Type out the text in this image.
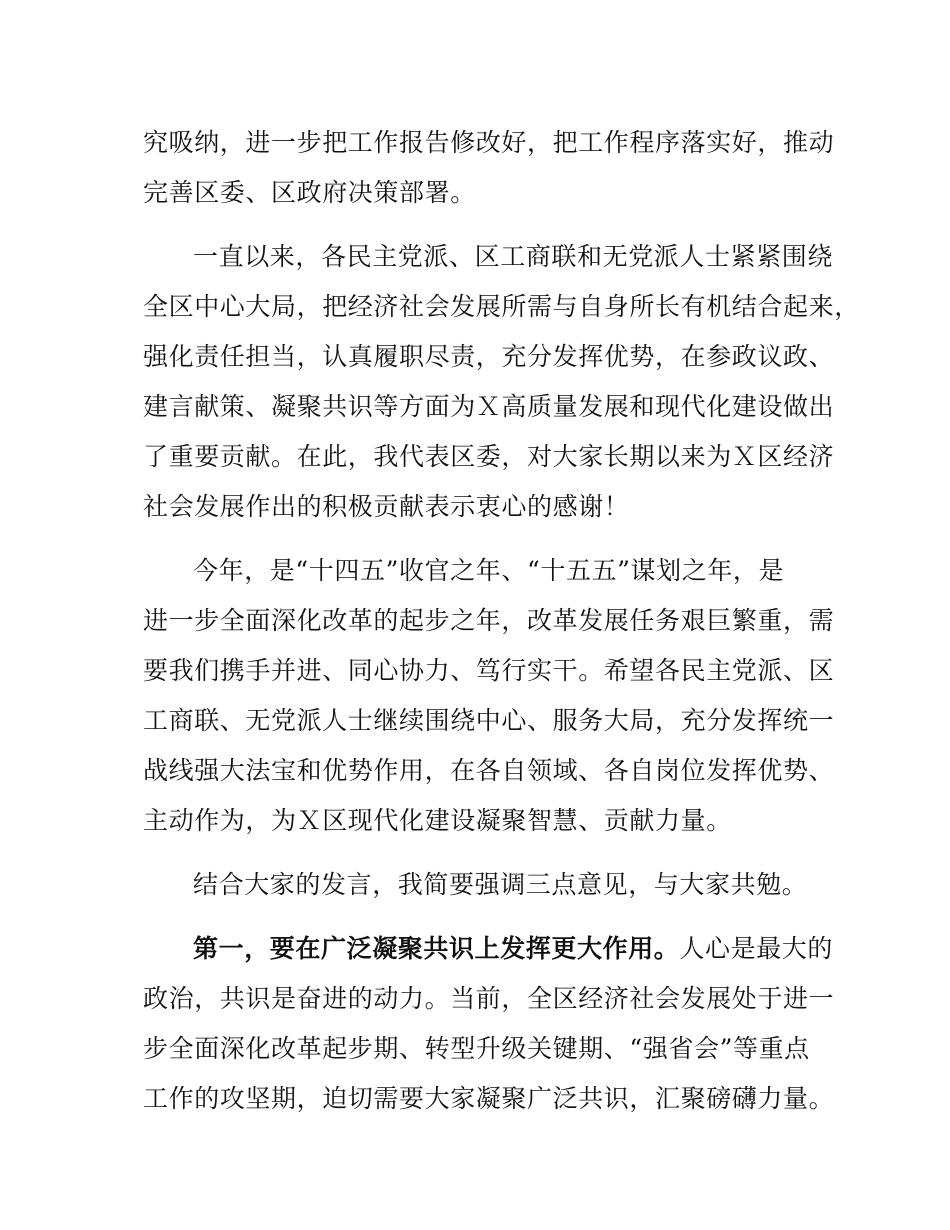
究吸纳，进一步把工作报告修改好，把工作程序落实好，推动
完善区委、区政府决策部署。
一直以来，各民主党派、区工商联和无党派人士紧紧围绕
全区中心大局，把经济社会发展所需与自身所长有机结合起来，
强化责任担当，认真履职尽责，充分发挥优势，在参政议政、
建言献策、凝聚共识等方面为Ｘ高质量发展和现代化建设做出
了重要贡献。在此，我代表区委，对大家长期以来为Ｘ区经济
社会发展作出的积极贡献表示衷心的感谢！
今年，是“十四五”收官之年、“十五五”谋划之年，是
进一步全面深化改革的起步之年，改革发展任务艰巨繁重，需
要我们携手并进、同心协力、笃行实干。希望各民主党派、区
工商联、无党派人士继续围绕中心、服务大局，充分发挥统一
战线强大法宝和优势作用，在各自领域、各自岗位发挥优势、
主动作为，为Ｘ区现代化建设凝聚智慧、贡献力量。
结合大家的发言，我简要强调三点意见，与大家共勉。
第一，要在广泛凝聚共识上发挥更大作用。人心是最大的
政治，共识是奋进的动力。当前，全区经济社会发展处于进一
步全面深化改革起步期、转型升级关键期、“强省会”等重点
工作的攻坚期，迫切需要大家凝聚广泛共识，汇聚磅礴力量。
